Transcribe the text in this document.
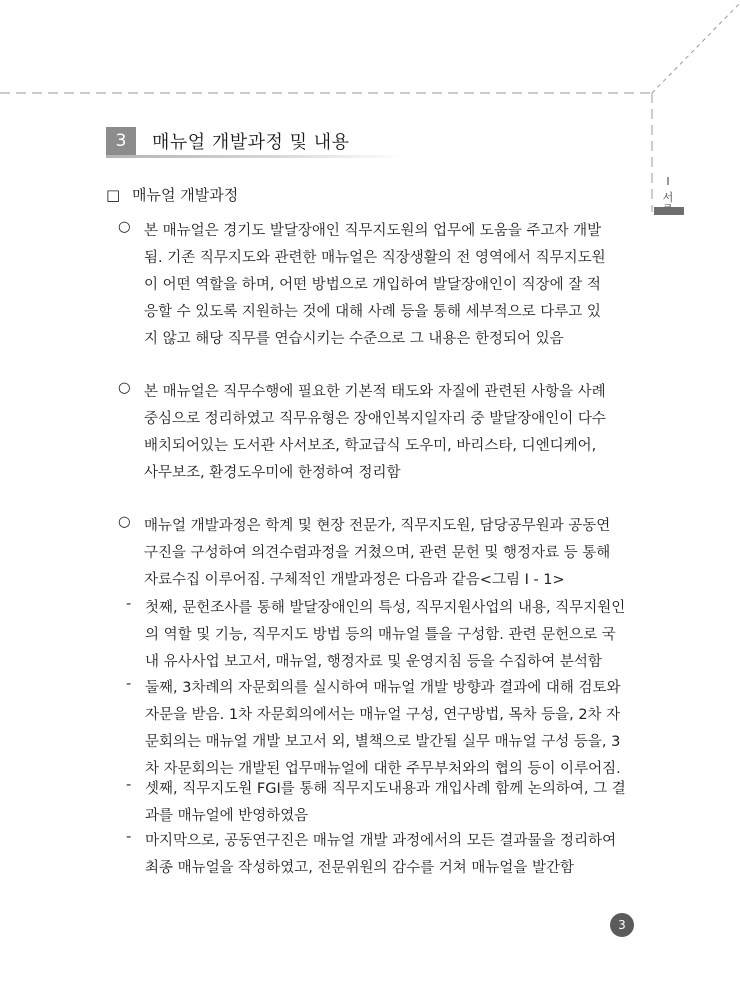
3	매뉴얼 개발과정 및 내용
Ⅰ
서
□ 매뉴얼 개발과정
○ 본 매뉴얼은 경기도 발달장애인 직무지도원의 업무에 도움을 주고자 개발
됨. 기존 직무지도와 관련한 매뉴얼은 직장생활의 전 영역에서 직무지도원
이 어떤 역할을 하며, 어떤 방법으로 개입하여 발달장애인이 직장에 잘 적
응할 수 있도록 지원하는 것에 대해 사례 등을 통해 세부적으로 다루고 있
지 않고 해당 직무를 연습시키는 수준으로 그 내용은 한정되어 있음
○ 본 매뉴얼은 직무수행에 필요한 기본적 태도와 자질에 관련된 사항을 사례
중심으로 정리하였고 직무유형은 장애인복지일자리 중 발달장애인이 다수
배치되어있는 도서관 사서보조, 학교급식 도우미, 바리스타, 디엔디케어,
사무보조, 환경도우미에 한정하여 정리함
○ 매뉴얼 개발과정은 학계 및 현장 전문가, 직무지도원, 담당공무원과 공동연
구진을 구성하여 의견수렴과정을 거쳤으며, 관련 문헌 및 행정자료 등 통해
자료수집 이루어짐. 구체적인 개발과정은 다음과 같음<그림 Ⅰ - 1>
- 첫째, 문헌조사를 통해 발달장애인의 특성, 직무지원사업의 내용, 직무지원인
의 역할 및 기능, 직무지도 방법 등의 매뉴얼 틀을 구성함. 관련 문헌으로 국
내 유사사업 보고서, 매뉴얼, 행정자료 및 운영지침 등을 수집하여 분석함
- 둘째, 3차례의 자문회의를 실시하여 매뉴얼 개발 방향과 결과에 대해 검토와
자문을 받음. 1차 자문회의에서는 매뉴얼 구성, 연구방법, 목차 등을, 2차 자
문회의는 매뉴얼 개발 보고서 외, 별책으로 발간될 실무 매뉴얼 구성 등을, 3
차 자문회의는 개발된 업무매뉴얼에 대한 주무부처와의 협의 등이 이루어짐.
- 셋째, 직무지도원 FGI를 통해 직무지도내용과 개입사례 함께 논의하여, 그 결
과를 매뉴얼에 반영하였음
- 마지막으로, 공동연구진은 매뉴얼 개발 과정에서의 모든 결과물을 정리하여
최종 매뉴얼을 작성하였고, 전문위원의 감수를 거쳐 매뉴얼을 발간함
3
